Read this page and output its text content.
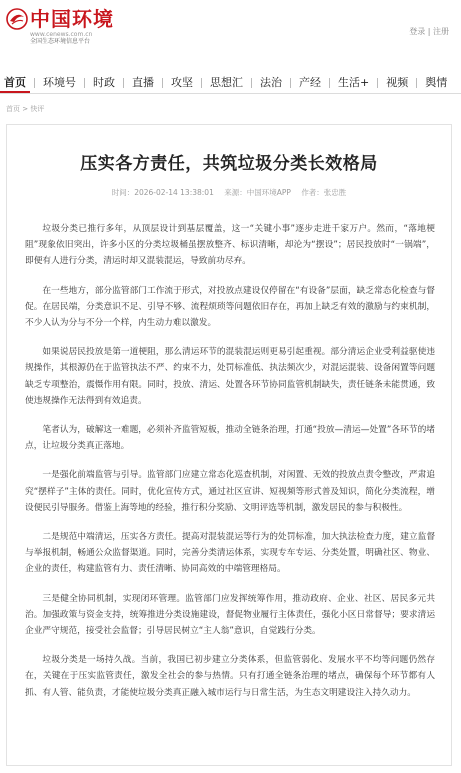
中国环境
www.cenews.com.cn
全国生态环境信息平台
登录 | 注册
首页	环境号	时政	直播	攻坚	思想汇	法治	产经	生活+	视频	舆情
首页 > 快评
压实各方责任，共筑垃圾分类长效格局
时间：2026-02-14 13:38:01 来源：中国环境APP 作者：张忠胜

垃圾分类已推行多年，从顶层设计到基层覆盖，这一“关键小事”逐步走进千家万户。然而，“落地梗阻”现象依旧突出，许多小区的分类垃圾桶虽摆放整齐、标识清晰，却沦为“摆设”；居民投放时“一锅端”，即便有人进行分类，清运时却又混装混运，导致前功尽弃。

在一些地方，部分监管部门工作流于形式，对投放点建设仅停留在“有设备”层面，缺乏常态化检查与督促。在居民端，分类意识不足、引导不够、流程烦琐等问题依旧存在，再加上缺乏有效的激励与约束机制，不少人认为分与不分一个样，内生动力难以激发。

如果说居民投放是第一道梗阻，那么清运环节的混装混运则更易引起重视。部分清运企业受利益驱使违规操作，其根源仍在于监管执法不严、约束不力，处罚标准低、执法频次少，对混运混装、设备闲置等问题缺乏专项整治，震慑作用有限。同时，投放、清运、处置各环节协同监管机制缺失，责任链条未能贯通，致使违规操作无法得到有效追责。

笔者认为，破解这一难题，必须补齐监管短板，推动全链条治理，打通“投放—清运—处置”各环节的堵点，让垃圾分类真正落地。

一是强化前端监管与引导。监管部门应建立常态化巡查机制，对闲置、无效的投放点责令整改，严肃追究“摆样子”主体的责任。同时，优化宣传方式，通过社区宣讲、短视频等形式普及知识，简化分类流程，增设便民引导服务。借鉴上海等地的经验，推行积分奖励、文明评选等机制，激发居民的参与积极性。

二是规范中端清运，压实各方责任。提高对混装混运等行为的处罚标准，加大执法检查力度，建立监督与举报机制，畅通公众监督渠道。同时，完善分类清运体系，实现专车专运、分类处置，明确社区、物业、企业的责任，构建监管有力、责任清晰、协同高效的中端管理格局。

三是健全协同机制，实现闭环管理。监管部门应发挥统筹作用，推动政府、企业、社区、居民多元共治。加强政策与资金支持，统筹推进分类设施建设，督促物业履行主体责任，强化小区日常督导；要求清运企业严守规范，接受社会监督；引导居民树立“主人翁”意识，自觉践行分类。

垃圾分类是一场持久战。当前，我国已初步建立分类体系，但监管弱化、发展水平不均等问题仍然存在，关键在于压实监管责任，激发全社会的参与热情。只有打通全链条治理的堵点，确保每个环节都有人抓、有人管、能负责，才能使垃圾分类真正融入城市运行与日常生活，为生态文明建设注入持久动力。
